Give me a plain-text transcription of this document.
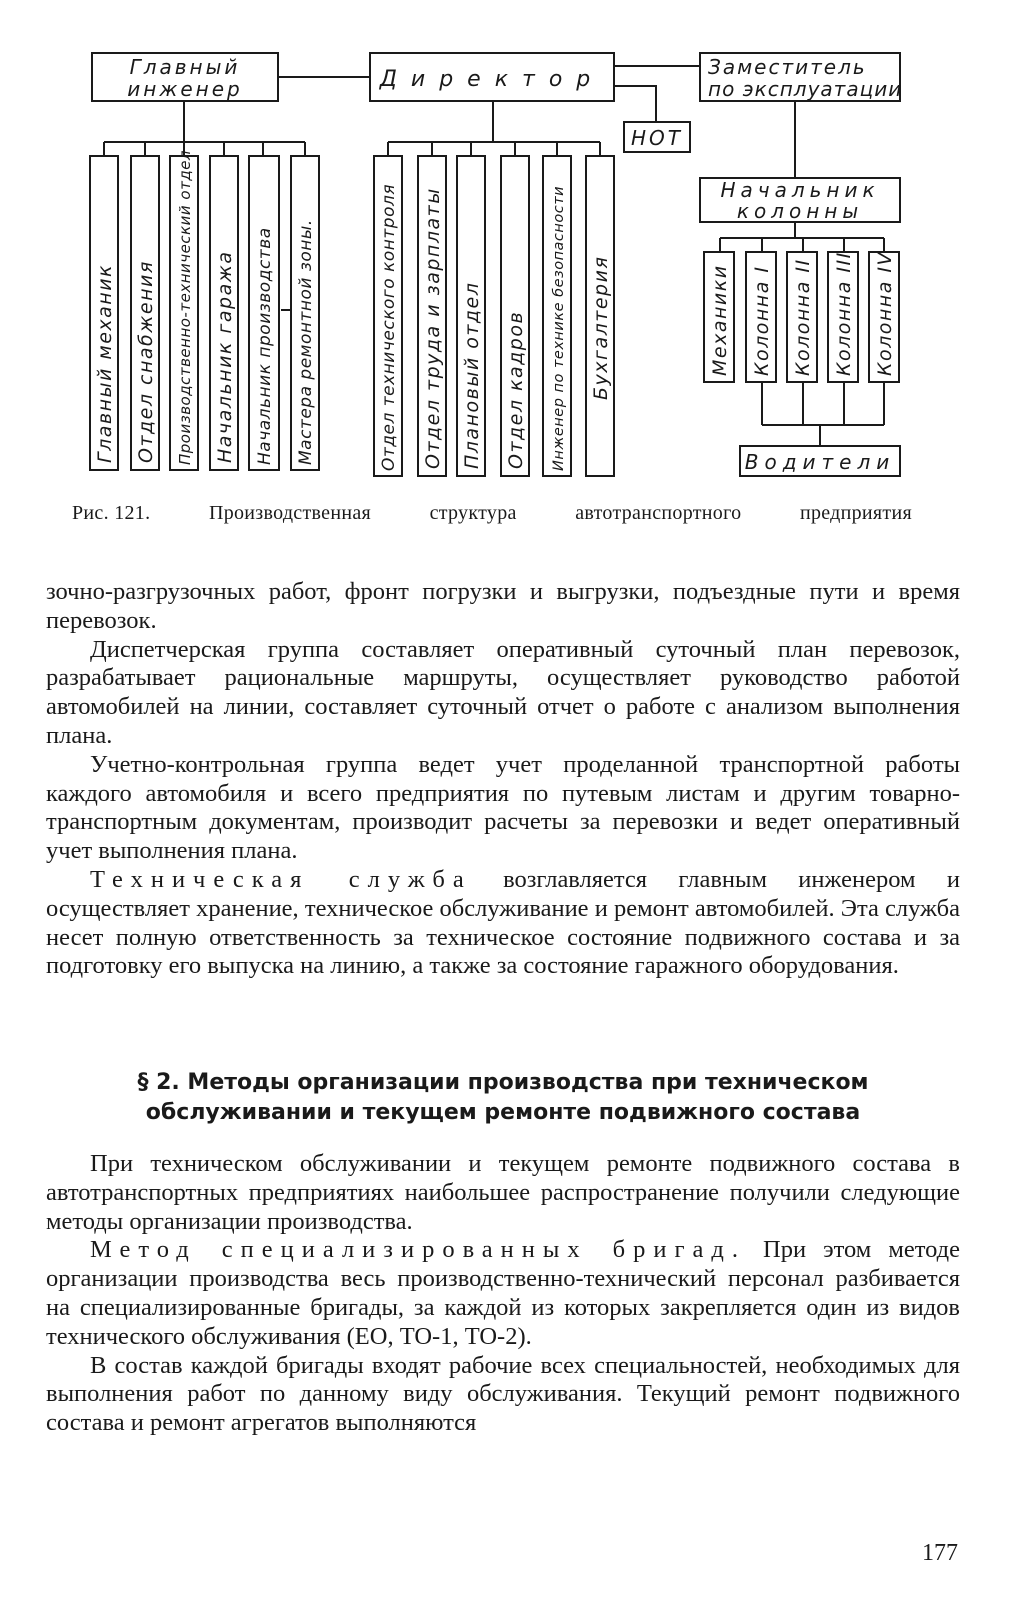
Главный
инженер	Директор	Заместитель
по эксплуатации
НОТ
Начальник
колонны
Водители
Главный механик Отдел снабжения Производственно-технический отдел Начальник гаража Начальник производства Мастера ремонтной зоны.	Отдел технического контроля Отдел труда и зарплаты Плановый отдел Отдел кадров Инженер по технике безопасности Бухгалтерия	Механики Колонна I Колонна II Колонна III Колонна IV
Рис. 121.	Производственная	структура	автотранспортного	предприятия

зочно-разгрузочных работ, фронт погрузки и выгрузки, подъездные пути и время перевозок.

Диспетчерская группа составляет оперативный суточный план перевозок, разрабатывает рациональные маршруты, осуществляет руководство работой автомобилей на линии, составляет суточный отчет о работе с анализом выполнения плана.

Учетно-контрольная группа ведет учет проделанной транспортной работы каждого автомобиля и всего предприятия по путевым листам и другим товарно-транспортным документам, производит расчеты за перевозки и ведет оперативный учет выполнения плана.

Техническая служба возглавляется главным инженером и осуществляет хранение, техническое обслуживание и ремонт автомобилей. Эта служба несет полную ответственность за техническое состояние подвижного состава и за подготовку его выпуска на линию, а также за состояние гаражного оборудования.

§ 2. Методы организации производства при техническом
обслуживании и текущем ремонте подвижного состава

При техническом обслуживании и текущем ремонте подвижного состава в автотранспортных предприятиях наибольшее распространение получили следующие методы организации производства.

Метод специализированных бригад. При этом методе организации производства весь производственно-технический персонал разбивается на специализированные бригады, за каждой из которых закрепляется один из видов технического обслуживания (ЕО, ТО-1, ТО-2).

В состав каждой бригады входят рабочие всех специальностей, необходимых для выполнения работ по данному виду обслуживания. Текущий ремонт подвижного состава и ремонт агрегатов выполняются

177
